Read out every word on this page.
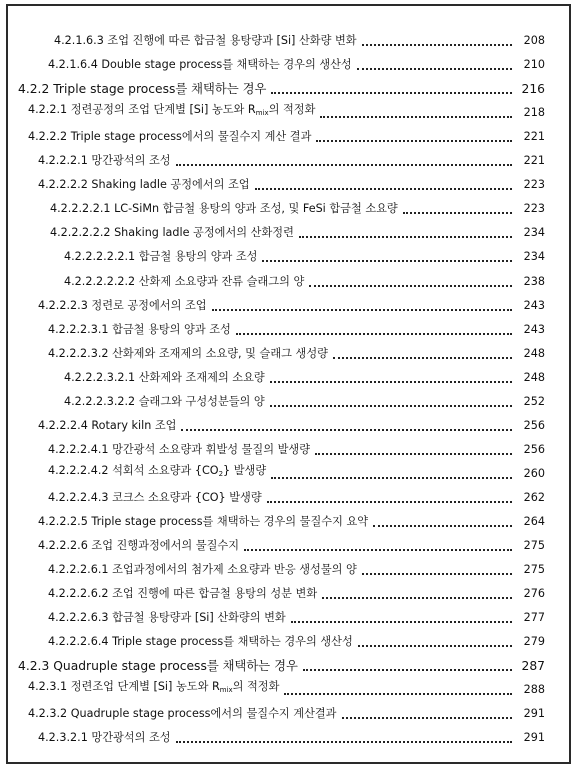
4.2.1.6.3 조업 진행에 따른 합금철 용탕량과 [Si] 산화량 변화	208
4.2.1.6.4 Double stage process를 채택하는 경우의 생산성	210
4.2.2 Triple stage process를 채택하는 경우	216
4.2.2.1 정련공정의 조업 단계별 [Si] 농도와 $R_{mix}$의 적정화	218
4.2.2.2 Triple stage process에서의 물질수지 계산 결과	221
4.2.2.2.1 망간광석의 조성	221
4.2.2.2.2 Shaking ladle 공정에서의 조업	223
4.2.2.2.2.1 LC-SiMn 합금철 용탕의 양과 조성, 및 FeSi 합금철 소요량	223
4.2.2.2.2.2 Shaking ladle 공정에서의 산화정련	234
4.2.2.2.2.2.1 합금철 용탕의 양과 조성	234
4.2.2.2.2.2.2 산화제 소요량과 잔류 슬래그의 양	238
4.2.2.2.3 정련로 공정에서의 조업	243
4.2.2.2.3.1 합금철 용탕의 양과 조성	243
4.2.2.2.3.2 산화제와 조재제의 소요량, 및 슬래그 생성량	248
4.2.2.2.3.2.1 산화제와 조재제의 소요량	248
4.2.2.2.3.2.2 슬래그와 구성성분들의 양	252
4.2.2.2.4 Rotary kiln 조업	256
4.2.2.2.4.1 망간광석 소요량과 휘발성 물질의 발생량	256
4.2.2.2.4.2 석회석 소요량과 $\{CO_2\}$ 발생량	260
4.2.2.2.4.3 코크스 소요량과 {CO} 발생량	262
4.2.2.2.5 Triple stage process를 채택하는 경우의 물질수지 요약	264
4.2.2.2.6 조업 진행과정에서의 물질수지	275
4.2.2.2.6.1 조업과정에서의 첨가제 소요량과 반응 생성물의 양	275
4.2.2.2.6.2 조업 진행에 따른 합금철 용탕의 성분 변화	276
4.2.2.2.6.3 합금철 용탕량과 [Si] 산화량의 변화	277
4.2.2.2.6.4 Triple stage process를 채택하는 경우의 생산성	279
4.2.3 Quadruple stage process를 채택하는 경우	287
4.2.3.1 정련조업 단계별 [Si] 농도와 $R_{mix}$의 적정화	288
4.2.3.2 Quadruple stage process에서의 물질수지 계산결과	291
4.2.3.2.1 망간광석의 조성	291
